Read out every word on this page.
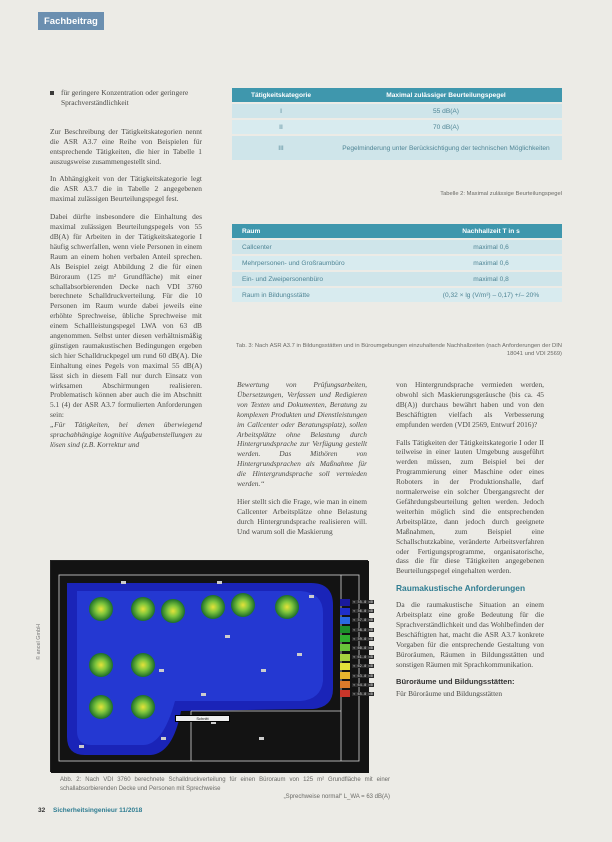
Fachbeitrag
für geringere Konzentration oder geringere Sprachverständlichkeit

Zur Beschreibung der Tätigkeitskategorien nennt die ASR A3.7 eine Reihe von Beispielen für entsprechende Tätigkeiten, die hier in Tabelle 1 auszugsweise zusammengestellt sind.

In Abhängigkeit von der Tätigkeitskategorie legt die ASR A3.7 die in Tabelle 2 angegebenen maximal zulässigen Beurteilungspegel fest.

Dabei dürfte insbesondere die Einhaltung des maximal zulässigen Beurteilungspegels von 55 dB(A) für Arbeiten in der Tätigkeitskategorie I häufig schwerfallen, wenn viele Personen in einem Raum an einem hohen verbalen Anteil sprechen. Als Beispiel zeigt Abbildung 2 die für einen Büroraum (125 m² Grundfläche) mit einer schallabsorbierenden Decke nach VDI 3760 berechnete Schalldruckverteilung. Für die 10 Personen im Raum wurde dabei jeweils eine erhöhte Sprechweise, übliche Sprechweise mit einem Schallleistungspegel LWA von 63 dB angenommen. Selbst unter diesen verhältnismäßig günstigen raumakustischen Bedingungen ergeben sich hier Schalldruckpegel um rund 60 dB(A). Die Einhaltung eines Pegels von maximal 55 dB(A) lässt sich in diesem Fall nur durch Einsatz von wirksamen Abschirmungen realisieren. Problematisch können aber auch die im Abschnitt 5.1 (4) der ASR A3.7 formulierten Anforderungen sein:

„Für Tätigkeiten, bei denen überwiegend sprachabhängige kognitive Aufgabenstellungen zu lösen sind (z.B. Korrektur und

Tätigkeitskategorie	Maximal zulässiger Beurteilungspegel
I	55 dB(A)
II	70 dB(A)
III	Pegelminderung unter Berücksichtigung der technischen Möglichkeiten
Tabelle 2: Maximal zulässige Beurteilungspegel
Raum	Nachhallzeit T in s
Callcenter	maximal 0,6
Mehrpersonen- und Großraumbüro	maximal 0,6
Ein- und Zweipersonenbüro	maximal 0,8
Raum in Bildungsstätte	(0,32 × lg (V/m³) – 0,17) +/– 20%
Tab. 3: Nach ASR A3.7 in Bildungsstätten und in Büroumgebungen einzuhaltende Nachhallzeiten (nach Anforderungen der DIN 18041 und VDI 2569)

Bewertung von Prüfungsarbeiten, Übersetzungen, Verfassen und Redigieren von Texten und Dokumenten, Beratung zu komplexen Produkten und Dienstleistungen im Callcenter oder Beratungsplatz), sollen Arbeitsplätze ohne Belastung durch Hintergrundsprache zur Verfügung gestellt werden. Das Mithören von Hintergrundsprachen als Maßnahme für die Hintergrundsprache soll vermieden werden.“

Hier stellt sich die Frage, wie man in einem Callcenter Arbeitsplätze ohne Belastung durch Hintergrundsprache realisieren will. Und warum soll die Maskierung

von Hintergrundsprache vermieden werden, obwohl sich Maskierungsgeräusche (bis ca. 45 dB(A)) durchaus bewährt haben und von den Beschäftigten vielfach als Verbesserung empfunden werden (VDI 2569, Entwurf 2016)?

Falls Tätigkeiten der Tätigkeitskategorie I oder II teilweise in einer lauten Umgebung ausgeführt werden müssen, zum Beispiel bei der Programmierung einer Maschine oder eines Roboters in der Produktionshalle, darf normalerweise ein solcher Übergangsrecht der Gefährdungsbeurteilung gelten werden. Jedoch weiterhin möglich sind die entsprechenden Arbeitsplätze, dann jedoch durch geeignete Maßnahmen, zum Beispiel eine Schallschutzkabine, veränderte Arbeitsverfahren oder Fertigungsprogramme, organisatorische, dass die für diese Tätigkeiten angegebenen Beurteilungspegel eingehalten werden.

Raumakustische Anforderungen

Da die raumakustische Situation an einem Arbeitsplatz eine große Bedeutung für die Sprachverständlichkeit und das Wohlbefinden der Beschäftigten hat, macht die ASR A3.7 konkrete Vorgaben für die entsprechende Gestaltung von Büroräumen, Räumen in Bildungsstätten und sonstigen Räumen mit Sprachkommunikation.

Büroräume und Bildungsstätten:

Für Büroräume und Bildungsstätten

< 55.0 dB
< 56.0 dB
< 57.0 dB
< 58.0 dB
< 59.0 dB
< 60.0 dB
< 61.0 dB
< 62.0 dB
< 63.0 dB
< 64.0 dB
< 65.0 dB
Schnitt
© ancel GmbH
Abb. 2: Nach VDI 3760 berechnete Schalldruckverteilung für einen Büroraum von 125 m² Grundfläche mit einer schallabsorbierenden Decke und Personen mit Sprechweise
„Sprechweise normal“ L_WA = 63 dB(A)
32 Sicherheitsingenieur 11/2018
